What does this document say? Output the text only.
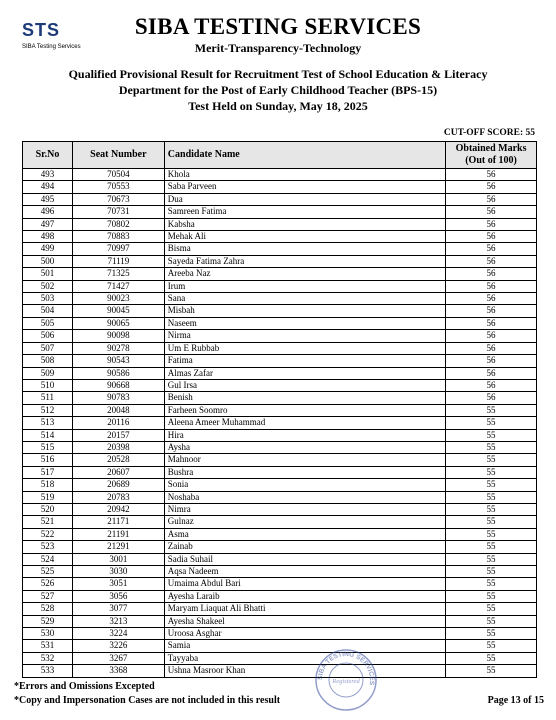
STS
SIBA Testing Services
SIBA TESTING SERVICES
Merit-Transparency-Technology
Qualified Provisional Result for Recruitment Test of School Education & Literacy
Department for the Post of Early Childhood Teacher (BPS-15)
Test Held on Sunday, May 18, 2025
CUT-OFF SCORE: 55
Sr.No	Seat Number	Candidate Name	Obtained Marks
(Out of 100)

493	70504	Khola	56
494	70553	Saba Parveen	56
495	70673	Dua	56
496	70731	Samreen Fatima	56
497	70802	Kabsha	56
498	70883	Mehak Ali	56
499	70997	Bisma	56
500	71119	Sayeda Fatima Zahra	56
501	71325	Areeba Naz	56
502	71427	Irum	56
503	90023	Sana	56
504	90045	Misbah	56
505	90065	Naseem	56
506	90098	Nirma	56
507	90278	Um E Rubbab	56
508	90543	Fatima	56
509	90586	Almas Zafar	56
510	90668	Gul Irsa	56
511	90783	Benish	56
512	20048	Farheen Soomro	55
513	20116	Aleena Ameer Muhammad	55
514	20157	Hira	55
515	20398	Aysha	55
516	20528	Mahnoor	55
517	20607	Bushra	55
518	20689	Sonia	55
519	20783	Noshaba	55
520	20942	Nimra	55
521	21171	Gulnaz	55
522	21191	Asma	55
523	21291	Zainab	55
524	3001	Sadia Suhail	55
525	3030	Aqsa Nadeem	55
526	3051	Umaima Abdul Bari	55
527	3056	Ayesha Laraib	55
528	3077	Maryam Liaquat Ali Bhatti	55
529	3213	Ayesha Shakeel	55
530	3224	Uroosa Asghar	55
531	3226	Samia	55
532	3267	Tayyaba	55
533	3368	Ushna Masroor Khan	55
SIBA TESTING SERVICES
Registered
*Errors and Omissions Excepted
*Copy and Impersonation Cases are not included in this result	Page 13 of 15
